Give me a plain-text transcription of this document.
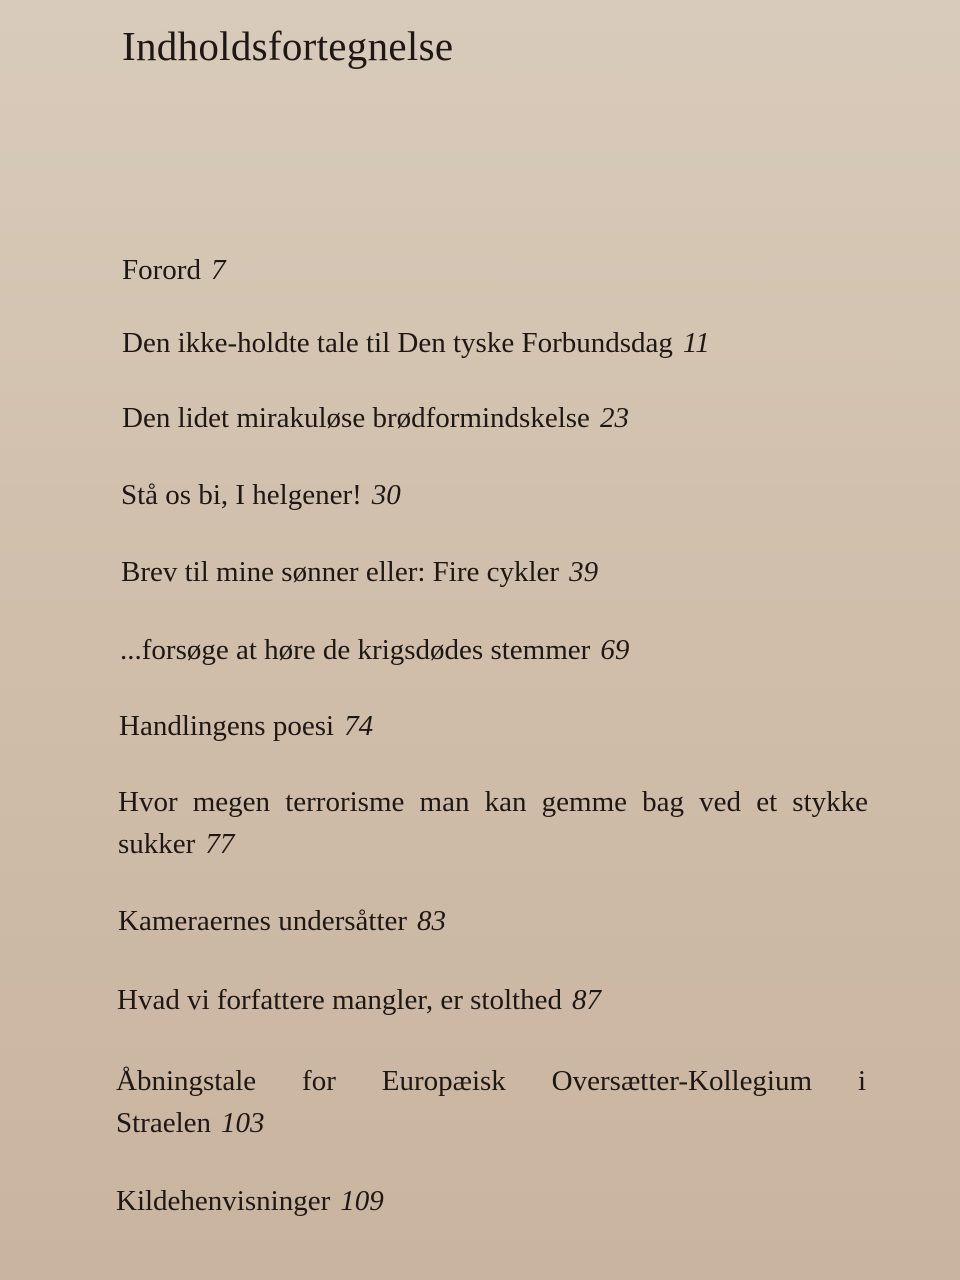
Indholdsfortegnelse
Forord 7
Den ikke-holdte tale til Den tyske Forbundsdag 11
Den lidet mirakuløse brødformindskelse 23
Stå os bi, I helgener! 30
Brev til mine sønner eller: Fire cykler 39
...forsøge at høre de krigsdødes stemmer 69
Handlingens poesi 74
Hvor megen terrorisme man kan gemme bag ved et stykke sukker 77
Kameraernes undersåtter 83
Hvad vi forfattere mangler, er stolthed 87
Åbningstale for Europæisk Oversætter-Kollegium i Straelen 103
Kildehenvisninger 109
